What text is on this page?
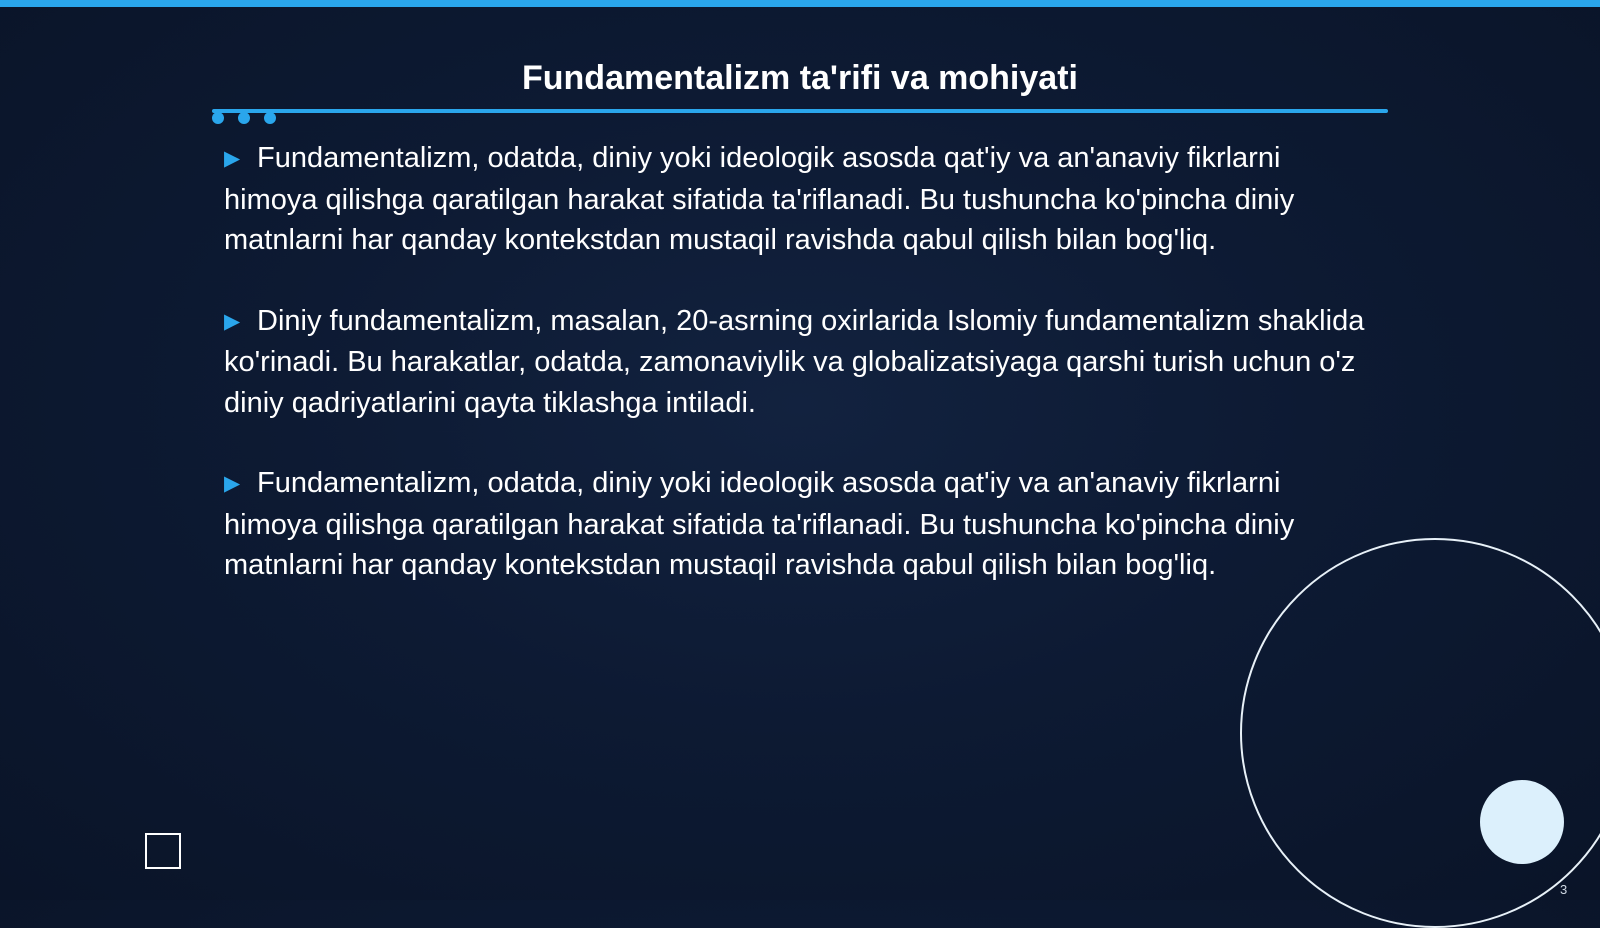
Fundamentalizm ta'rifi va mohiyati

▶ Fundamentalizm, odatda, diniy yoki ideologik asosda qat'iy va an'anaviy fikrlarni himoya qilishga qaratilgan harakat sifatida ta'riflanadi. Bu tushuncha ko'pincha diniy matnlarni har qanday kontekstdan mustaqil ravishda qabul qilish bilan bog'liq.

▶ Diniy fundamentalizm, masalan, 20-asrning oxirlarida Islomiy fundamentalizm shaklida ko'rinadi. Bu harakatlar, odatda, zamonaviylik va globalizatsiyaga qarshi turish uchun o'z diniy qadriyatlarini qayta tiklashga intiladi.

▶ Fundamentalizm, odatda, diniy yoki ideologik asosda qat'iy va an'anaviy fikrlarni himoya qilishga qaratilgan harakat sifatida ta'riflanadi. Bu tushuncha ko'pincha diniy matnlarni har qanday kontekstdan mustaqil ravishda qabul qilish bilan bog'liq.

3
